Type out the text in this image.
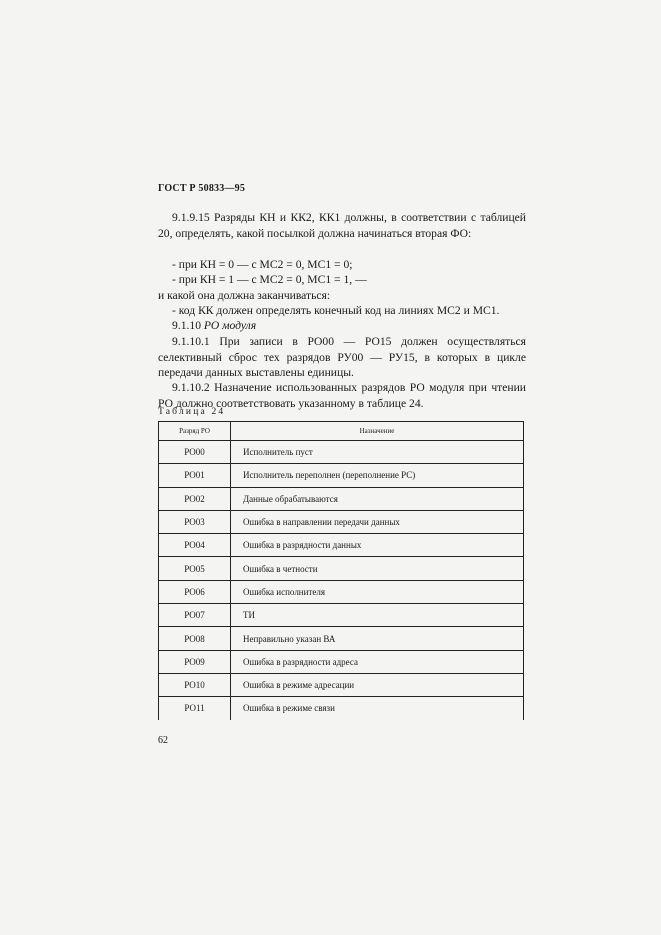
ГОСТ Р 50833—95
9.1.9.15 Разряды КН и КК2, КК1 должны, в соответствии с таблицей 20, определять, какой посылкой должна начинаться вторая ФО:
- при КН = 0 — с МС2 = 0, МС1 = 0;
- при КН = 1 — с МС2 = 0, МС1 = 1, —
и какой она должна заканчиваться:
- код КК должен определять конечный код на линиях МС2 и МС1.
9.1.10 РО модуля
9.1.10.1 При записи в РО00 — РО15 должен осуществляться селективный сброс тех разрядов РУ00 — РУ15, в которых в цикле передачи данных выставлены единицы.
9.1.10.2 Назначение использованных разрядов РО модуля при чтении РО должно соответствовать указанному в таблице 24.
Таблица 24
Разряд РО	Назначение
РО00	Исполнитель пуст
РО01	Исполнитель переполнен (переполнение РС)
РО02	Данные обрабатываются
РО03	Ошибка в направлении передачи данных
РО04	Ошибка в разрядности данных
РО05	Ошибка в четности
РО06	Ошибка исполнителя
РО07	ТИ
РО08	Неправильно указан ВА
РО09	Ошибка в разрядности адреса
РО10	Ошибка в режиме адресации
РО11	Ошибка в режиме связи
62
